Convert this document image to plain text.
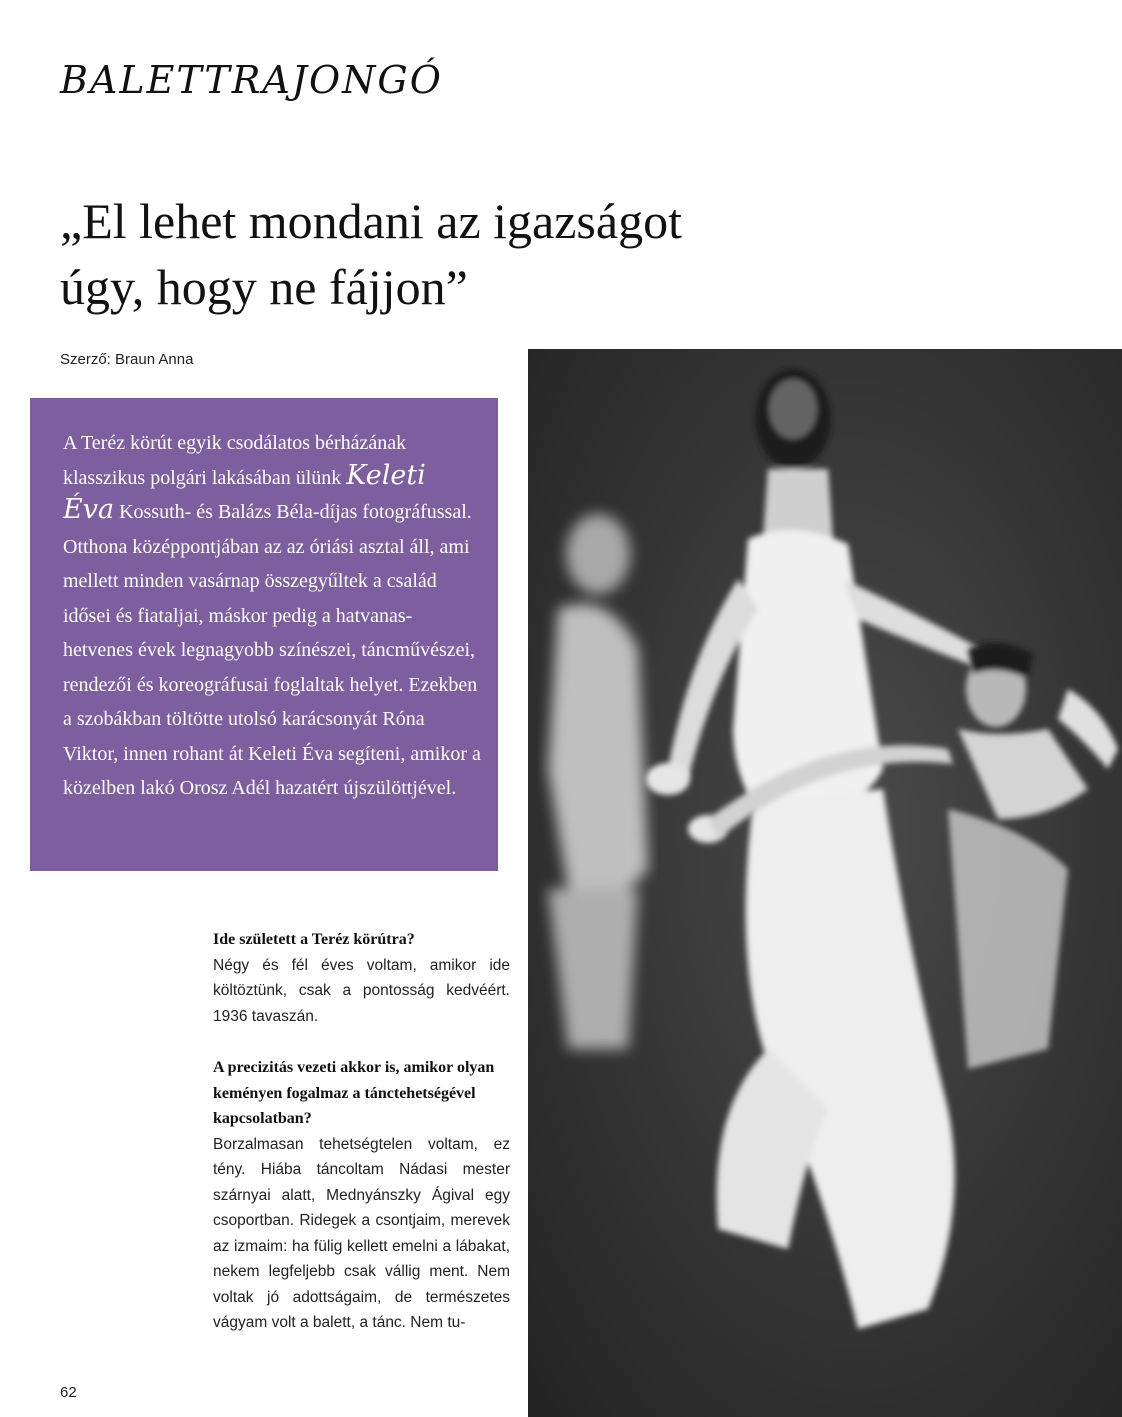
BALETTRAJONGÓ
„El lehet mondani az igazságot
úgy, hogy ne fájjon”
Szerző: Braun Anna

A Teréz körút egyik csodálatos bérházának klasszikus polgári lakásában ülünk Keleti Éva Kossuth- és Balázs Béla-díjas fotográfussal. Otthona középpontjában az az óriási asztal áll, ami mellett minden vasárnap összegyűltek a család idősei és fiataljai, máskor pedig a hatvanas-hetvenes évek legnagyobb színészei, táncművészei, rendezői és koreográfusai foglaltak helyet. Ezekben a szobákban töltötte utolsó karácsonyát Róna Viktor, innen rohant át Keleti Éva segíteni, amikor a közelben lakó Orosz Adél hazatért újszülöttjével.

Ide született a Teréz körútra?

Négy és fél éves voltam, amikor ide költöztünk, csak a pontosság kedvéért. 1936 tavaszán.

A precizitás vezeti akkor is, amikor olyan keményen fogalmaz a tánctehetségével kapcsolatban?

Borzalmasan tehetségtelen voltam, ez tény. Hiába táncoltam Nádasi mester szárnyai alatt, Mednyánszky Ágival egy csoportban. Ridegek a csontjaim, merevek az izmaim: ha fülig kellett emelni a lábakat, nekem legfeljebb csak vállig ment. Nem voltak jó adottságaim, de természetes vágyam volt a balett, a tánc. Nem tu-

62
